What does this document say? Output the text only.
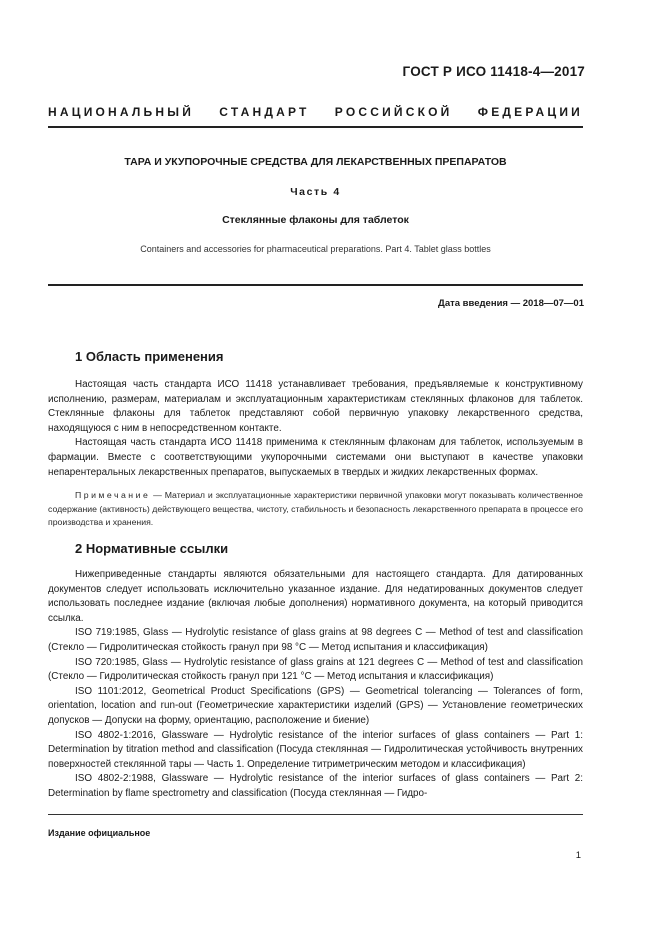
ГОСТ Р ИСО 11418-4—2017
НАЦИОНАЛЬНЫЙ СТАНДАРТ РОССИЙСКОЙ ФЕДЕРАЦИИ
ТАРА И УКУПОРОЧНЫЕ СРЕДСТВА ДЛЯ ЛЕКАРСТВЕННЫХ ПРЕПАРАТОВ
Часть 4
Стеклянные флаконы для таблеток
Containers and accessories for pharmaceutical preparations. Part 4. Tablet glass bottles
Дата введения — 2018—07—01
1 Область применения

Настоящая часть стандарта ИСО 11418 устанавливает требования, предъявляемые к конструктивному исполнению, размерам, материалам и эксплуатационным характеристикам стеклянных флаконов для таблеток. Стеклянные флаконы для таблеток представляют собой первичную упаковку лекарственного средства, находящуюся с ним в непосредственном контакте.

Настоящая часть стандарта ИСО 11418 применима к стеклянным флаконам для таблеток, используемым в фармации. Вместе с соответствующими укупорочными системами они выступают в качестве упаковки непарентеральных лекарственных препаратов, выпускаемых в твердых и жидких лекарственных формах.

Примечание — Материал и эксплуатационные характеристики первичной упаковки могут показывать количественное содержание (активность) действующего вещества, чистоту, стабильность и безопасность лекарственного препарата в процессе его производства и хранения.

2 Нормативные ссылки

Нижеприведенные стандарты являются обязательными для настоящего стандарта. Для датированных документов следует использовать исключительно указанное издание. Для недатированных документов следует использовать последнее издание (включая любые дополнения) нормативного документа, на который приводится ссылка.

ISO 719:1985, Glass — Hydrolytic resistance of glass grains at 98 degrees C — Method of test and classification (Стекло — Гидролитическая стойкость гранул при 98 °С — Метод испытания и классификация)

ISO 720:1985, Glass — Hydrolytic resistance of glass grains at 121 degrees C — Method of test and classification (Стекло — Гидролитическая стойкость гранул при 121 °С — Метод испытания и классификация)

ISO 1101:2012, Geometrical Product Specifications (GPS) — Geometrical tolerancing — Tolerances of form, orientation, location and run-out (Геометрические характеристики изделий (GPS) — Установление геометрических допусков — Допуски на форму, ориентацию, расположение и биение)

ISO 4802-1:2016, Glassware — Hydrolytic resistance of the interior surfaces of glass containers — Part 1: Determination by titration method and classification (Посуда стеклянная — Гидролитическая устойчивость внутренних поверхностей стеклянной тары — Часть 1. Определение титриметрическим методом и классификация)

ISO 4802-2:1988, Glassware — Hydrolytic resistance of the interior surfaces of glass containers — Part 2: Determination by flame spectrometry and classification (Посуда стеклянная — Гидро-

Издание официальное
1
